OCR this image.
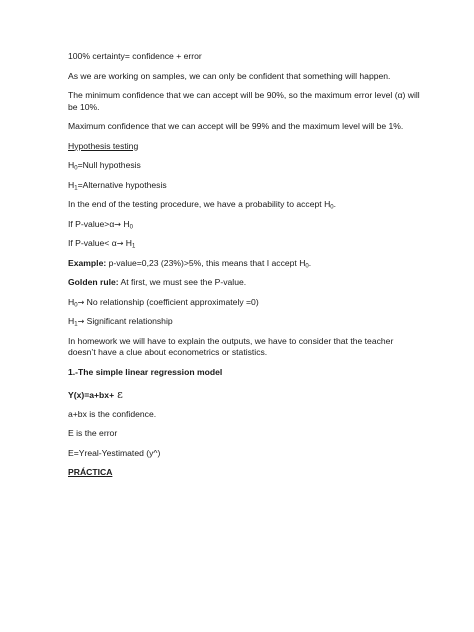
100% certainty= confidence + error

As we are working on samples, we can only be confident that something will happen.

The minimum confidence that we can accept will be 90%, so the maximum error level (α) will be 10%.

Maximum confidence that we can accept will be 99% and the maximum level will be 1%.

Hypothesis testing

$H_0=Null$ hypothesis

$H_1=Alternative$ hypothesis

In the end of the testing procedure, we have a probability to accept $H_0$.

If P-value>α→ $H_0$

If P-value< $\alpha\to H_1$

Example: p-value=0,23 (23%)>5%, this means that I accept $H_0$.

Golden rule: At first, we must see the P-value.

$H_0\to No$ relationship (coefficient approximately =0)

$H_1\to$ Significant relationship

In homework we will have to explain the outputs, we have to consider that the teacher doesn’t have a clue about econometrics or statistics.

1.-The simple linear regression model

Y(x)=a+bx+ ε

a+bx is the confidence.

E is the error

E=Yreal-Yestimated (y^)

PRÁCTICA
